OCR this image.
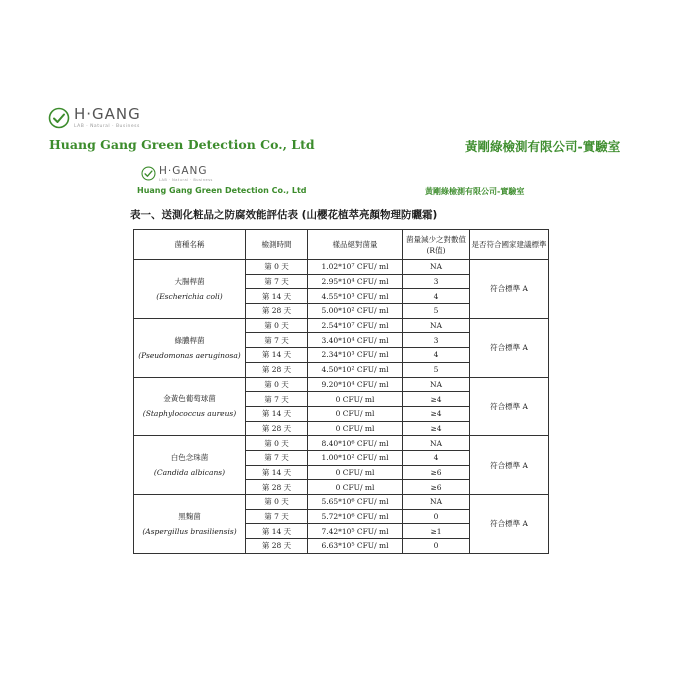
H·GANG
LAB · Natural · Business
Huang Gang Green Detection Co., Ltd	黃剛綠檢測有限公司-實驗室
H·GANG
LAB · Natural · Business
Huang Gang Green Detection Co., Ltd	黃剛綠檢測有限公司-實驗室
表一、送測化粧品之防腐效能評估表 (山櫻花植萃亮顏物理防曬霜)
菌種名稱	檢測時間	樣品絕對菌量	菌量減少之對數值(R值)	是否符合國家建議標準

大腸桿菌
(Escherichia coli)	第 0 天	1.02*10⁷ CFU/ ml	NA	符合標準 A
	第 7 天	2.95*10⁴ CFU/ ml	3	
	第 14 天	4.55*10³ CFU/ ml	4	
	第 28 天	5.00*10² CFU/ ml	5	

綠膿桿菌
(Pseudomonas aeruginosa)	第 0 天	2.54*10⁷ CFU/ ml	NA	符合標準 A
	第 7 天	3.40*10⁴ CFU/ ml	3	
	第 14 天	2.34*10³ CFU/ ml	4	
	第 28 天	4.50*10² CFU/ ml	5	

金黃色葡萄球菌
(Staphylococcus aureus)	第 0 天	9.20*10⁴ CFU/ ml	NA	符合標準 A
	第 7 天	0 CFU/ ml	≥4	
	第 14 天	0 CFU/ ml	≥4	
	第 28 天	0 CFU/ ml	≥4	

白色念珠菌
(Candida albicans)	第 0 天	8.40*10⁶ CFU/ ml	NA	符合標準 A
	第 7 天	1.00*10² CFU/ ml	4	
	第 14 天	0 CFU/ ml	≥6	
	第 28 天	0 CFU/ ml	≥6	

黑麴菌
(Aspergillus brasiliensis)	第 0 天	5.65*10⁶ CFU/ ml	NA	符合標準 A
	第 7 天	5.72*10⁶ CFU/ ml	0	
	第 14 天	7.42*10⁵ CFU/ ml	≥1	
	第 28 天	6.63*10⁵ CFU/ ml	0	
